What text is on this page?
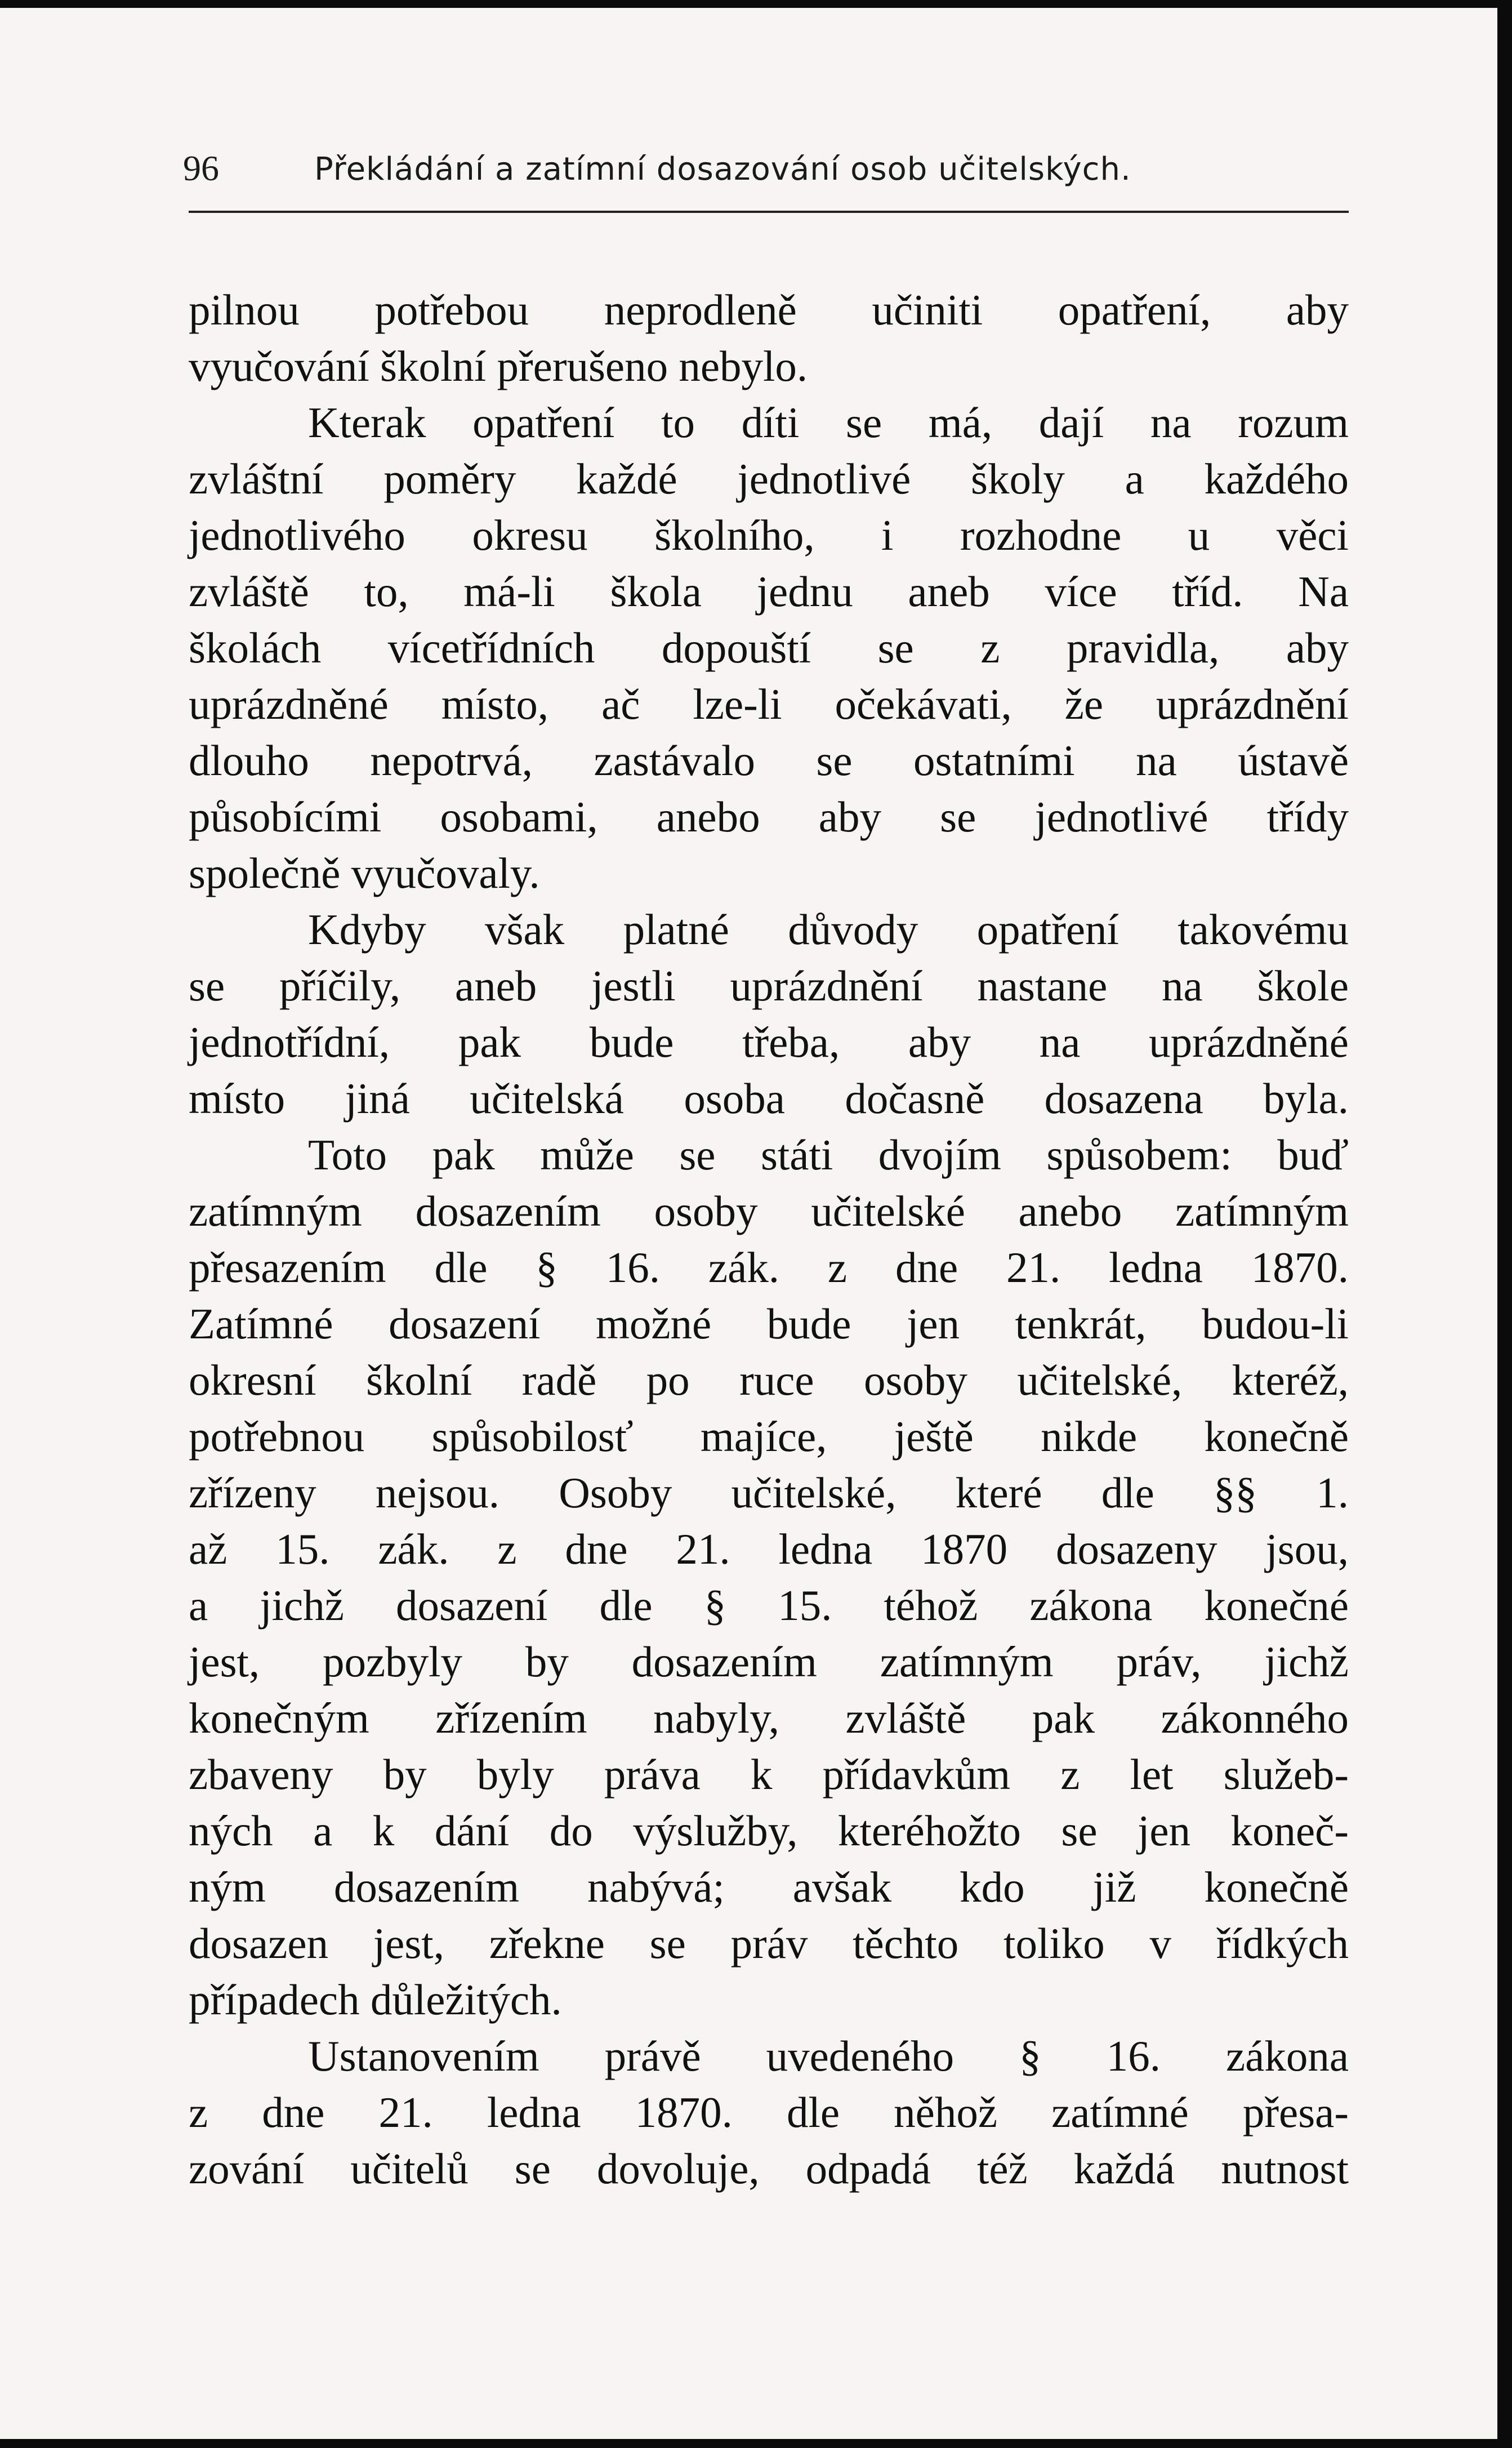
96	Překládání a zatímní dosazování osob učitelských.
pilnou potřebou neprodleně učiniti opatření, aby
vyučování školní přerušeno nebylo.
Kterak opatření to díti se má, dají na rozum
zvláštní poměry každé jednotlivé školy a každého
jednotlivého okresu školního, i rozhodne u věci
zvláště to, má-li škola jednu aneb více tříd. Na
školách vícetřídních dopouští se z pravidla, aby
uprázdněné místo, ač lze-li očekávati, že uprázdnění
dlouho nepotrvá, zastávalo se ostatními na ústavě
působícími osobami, anebo aby se jednotlivé třídy
společně vyučovaly.
Kdyby však platné důvody opatření takovému
se příčily, aneb jestli uprázdnění nastane na škole
jednotřídní, pak bude třeba, aby na uprázdněné
místo jiná učitelská osoba dočasně dosazena byla.
Toto pak může se státi dvojím spůsobem: buď
zatímným dosazením osoby učitelské anebo zatímným
přesazením dle § 16. zák. z dne 21. ledna 1870.
Zatímné dosazení možné bude jen tenkrát, budou-li
okresní školní radě po ruce osoby učitelské, kteréž,
potřebnou spůsobilosť majíce, ještě nikde konečně
zřízeny nejsou. Osoby učitelské, které dle §§ 1.
až 15. zák. z dne 21. ledna 1870 dosazeny jsou,
a jichž dosazení dle § 15. téhož zákona konečné
jest, pozbyly by dosazením zatímným práv, jichž
konečným zřízením nabyly, zvláště pak zákonného
zbaveny by byly práva k přídavkům z let služeb-
ných a k dání do výslužby, kteréhožto se jen koneč-
ným dosazením nabývá; avšak kdo již konečně
dosazen jest, zřekne se práv těchto toliko v řídkých
případech důležitých.
Ustanovením právě uvedeného § 16. zákona
z dne 21. ledna 1870. dle něhož zatímné přesa-
zování učitelů se dovoluje, odpadá též každá nutnost
